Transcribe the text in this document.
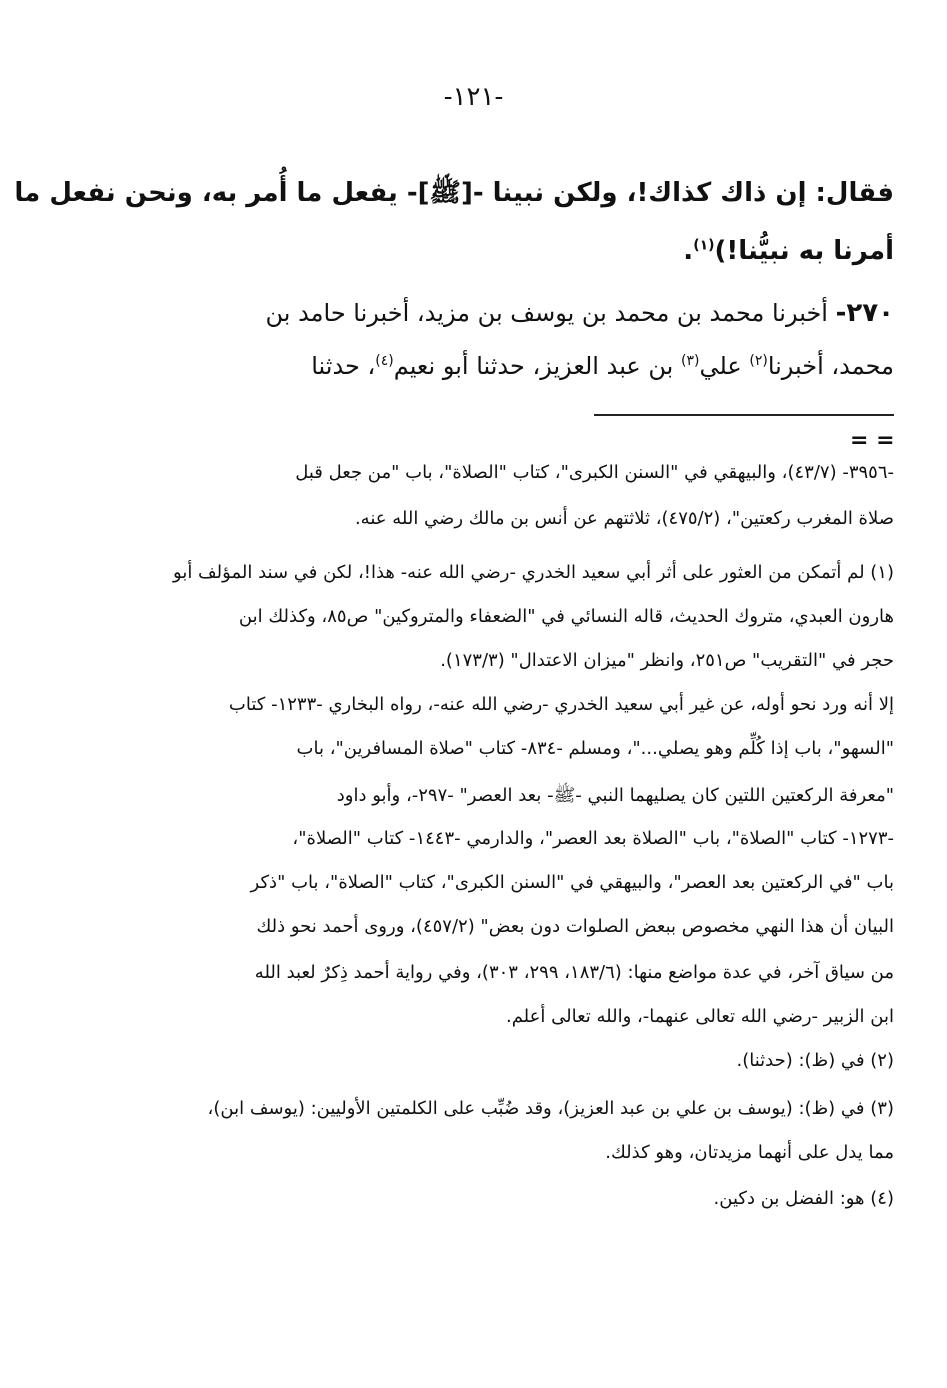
-١٢١-
فقال: إن ذاك كذاك!، ولكن نبينا -[ﷺ]- يفعل ما أُمر به، ونحن نفعل ما
أمرنا به نبيُّنا!)$^{(١)}$.
٢٧٠- أخبرنا محمد بن محمد بن يوسف بن مزيد، أخبرنا حامد بن
محمد، أخبرنا$^{(٢)}$ علي$^{(٣)}$ بن عبد العزيز، حدثنا أبو نعيم$^{(٤)}$، حدثنا
= =
-٣٩٥٦- (٤٣/٧)، والبيهقي في "السنن الكبرى"، كتاب "الصلاة"، باب "من جعل قبل
صلاة المغرب ركعتين"، (٤٧٥/٢)، ثلاثتهم عن أنس بن مالك رضي الله عنه.
(١) لم أتمكن من العثور على أثر أبي سعيد الخدري -رضي الله عنه- هذا!، لكن في سند المؤلف أبو
هارون العبدي، متروك الحديث، قاله النسائي في "الضعفاء والمتروكين" ص٨٥، وكذلك ابن
حجر في "التقريب" ص٢٥١، وانظر "ميزان الاعتدال" (١٧٣/٣).
إلا أنه ورد نحو أوله، عن غير أبي سعيد الخدري -رضي الله عنه-، رواه البخاري -١٢٣٣- كتاب
"السهو"، باب إذا كُلِّم وهو يصلي..."، ومسلم -٨٣٤- كتاب "صلاة المسافرين"، باب
"معرفة الركعتين اللتين كان يصليهما النبي -ﷺ- بعد العصر" -٢٩٧-، وأبو داود
-١٢٧٣- كتاب "الصلاة"، باب "الصلاة بعد العصر"، والدارمي -١٤٤٣- كتاب "الصلاة"،
باب "في الركعتين بعد العصر"، والبيهقي في "السنن الكبرى"، كتاب "الصلاة"، باب "ذكر
البيان أن هذا النهي مخصوص ببعض الصلوات دون بعض" (٤٥٧/٢)، وروى أحمد نحو ذلك
من سياق آخر، في عدة مواضع منها: (١٨٣/٦، ٢٩٩، ٣٠٣)، وفي رواية أحمد ذِكرٌ لعبد الله
ابن الزبير -رضي الله تعالى عنهما-، والله تعالى أعلم.
(٢) في (ظ): (حدثنا).
(٣) في (ظ): (يوسف بن علي بن عبد العزيز)، وقد ضُبِّب على الكلمتين الأوليين: (يوسف ابن)،
مما يدل على أنهما مزيدتان، وهو كذلك.
(٤) هو: الفضل بن دكين.
